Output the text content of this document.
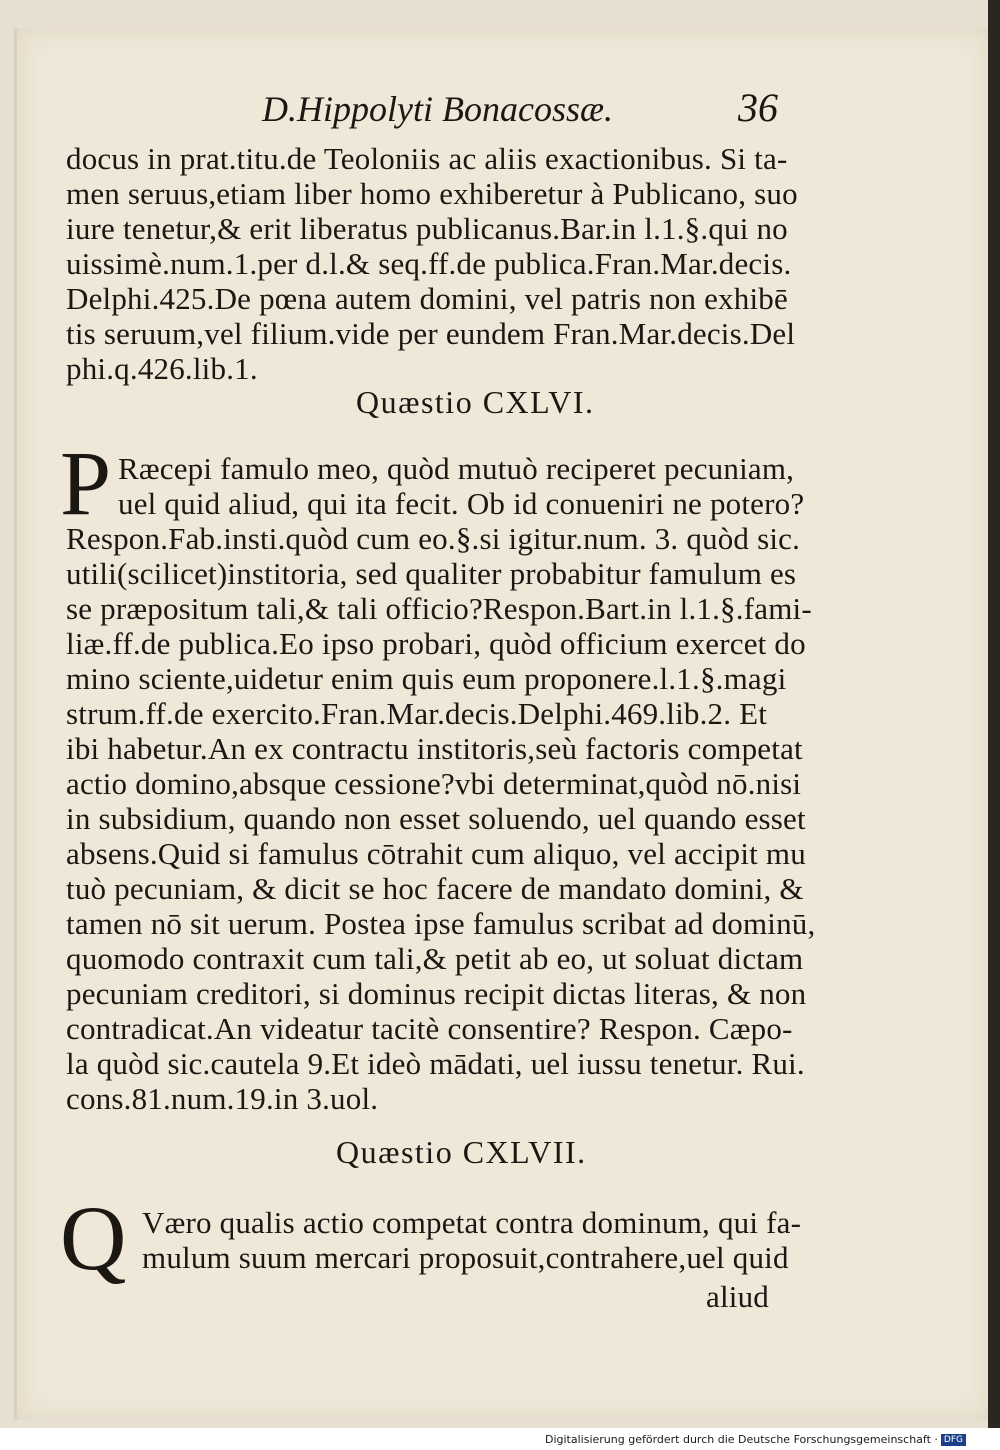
D.Hippolyti Bonacossæ.	36
docus in prat.titu.de Teoloniis ac aliis exactionibus. Si ta-
men seruus,etiam liber homo exhiberetur à Publicano, suo
iure tenetur,& erit liberatus publicanus.Bar.in l.1.§.qui no
uissimè.num.1.per d.l.& seq.ff.de publica.Fran.Mar.decis.
Delphi.425.De pœna autem domini, vel patris non exhibē
tis seruum,vel filium.vide per eundem Fran.Mar.decis.Del
phi.q.426.lib.1.
Quæstio CXLVI.
P Ræcepi famulo meo, quòd mutuò reciperet pecuniam,
uel quid aliud, qui ita fecit. Ob id conueniri ne potero?
Respon.Fab.insti.quòd cum eo.§.si igitur.num. 3. quòd sic.
utili(scilicet)institoria, sed qualiter probabitur famulum es
se præpositum tali,& tali officio?Respon.Bart.in l.1.§.fami-
liæ.ff.de publica.Eo ipso probari, quòd officium exercet do
mino sciente,uidetur enim quis eum proponere.l.1.§.magi
strum.ff.de exercito.Fran.Mar.decis.Delphi.469.lib.2. Et
ibi habetur.An ex contractu institoris,seù factoris competat
actio domino,absque cessione?vbi determinat,quòd nō.nisi
in subsidium, quando non esset soluendo, uel quando esset
absens.Quid si famulus cōtrahit cum aliquo, vel accipit mu
tuò pecuniam, & dicit se hoc facere de mandato domini, &
tamen nō sit uerum. Postea ipse famulus scribat ad dominū,
quomodo contraxit cum tali,& petit ab eo, ut soluat dictam
pecuniam creditori, si dominus recipit dictas literas, & non
contradicat.An videatur tacitè consentire? Respon. Cæpo-
la quòd sic.cautela 9.Et ideò mādati, uel iussu tenetur. Rui.
cons.81.num.19.in 3.uol.
Quæstio CXLVII.
Q Væro qualis actio competat contra dominum, qui fa-
mulum suum mercari proposuit,contrahere,uel quid
aliud
Digitalisierung gefördert durch die Deutsche Forschungsgemeinschaft · DFG
